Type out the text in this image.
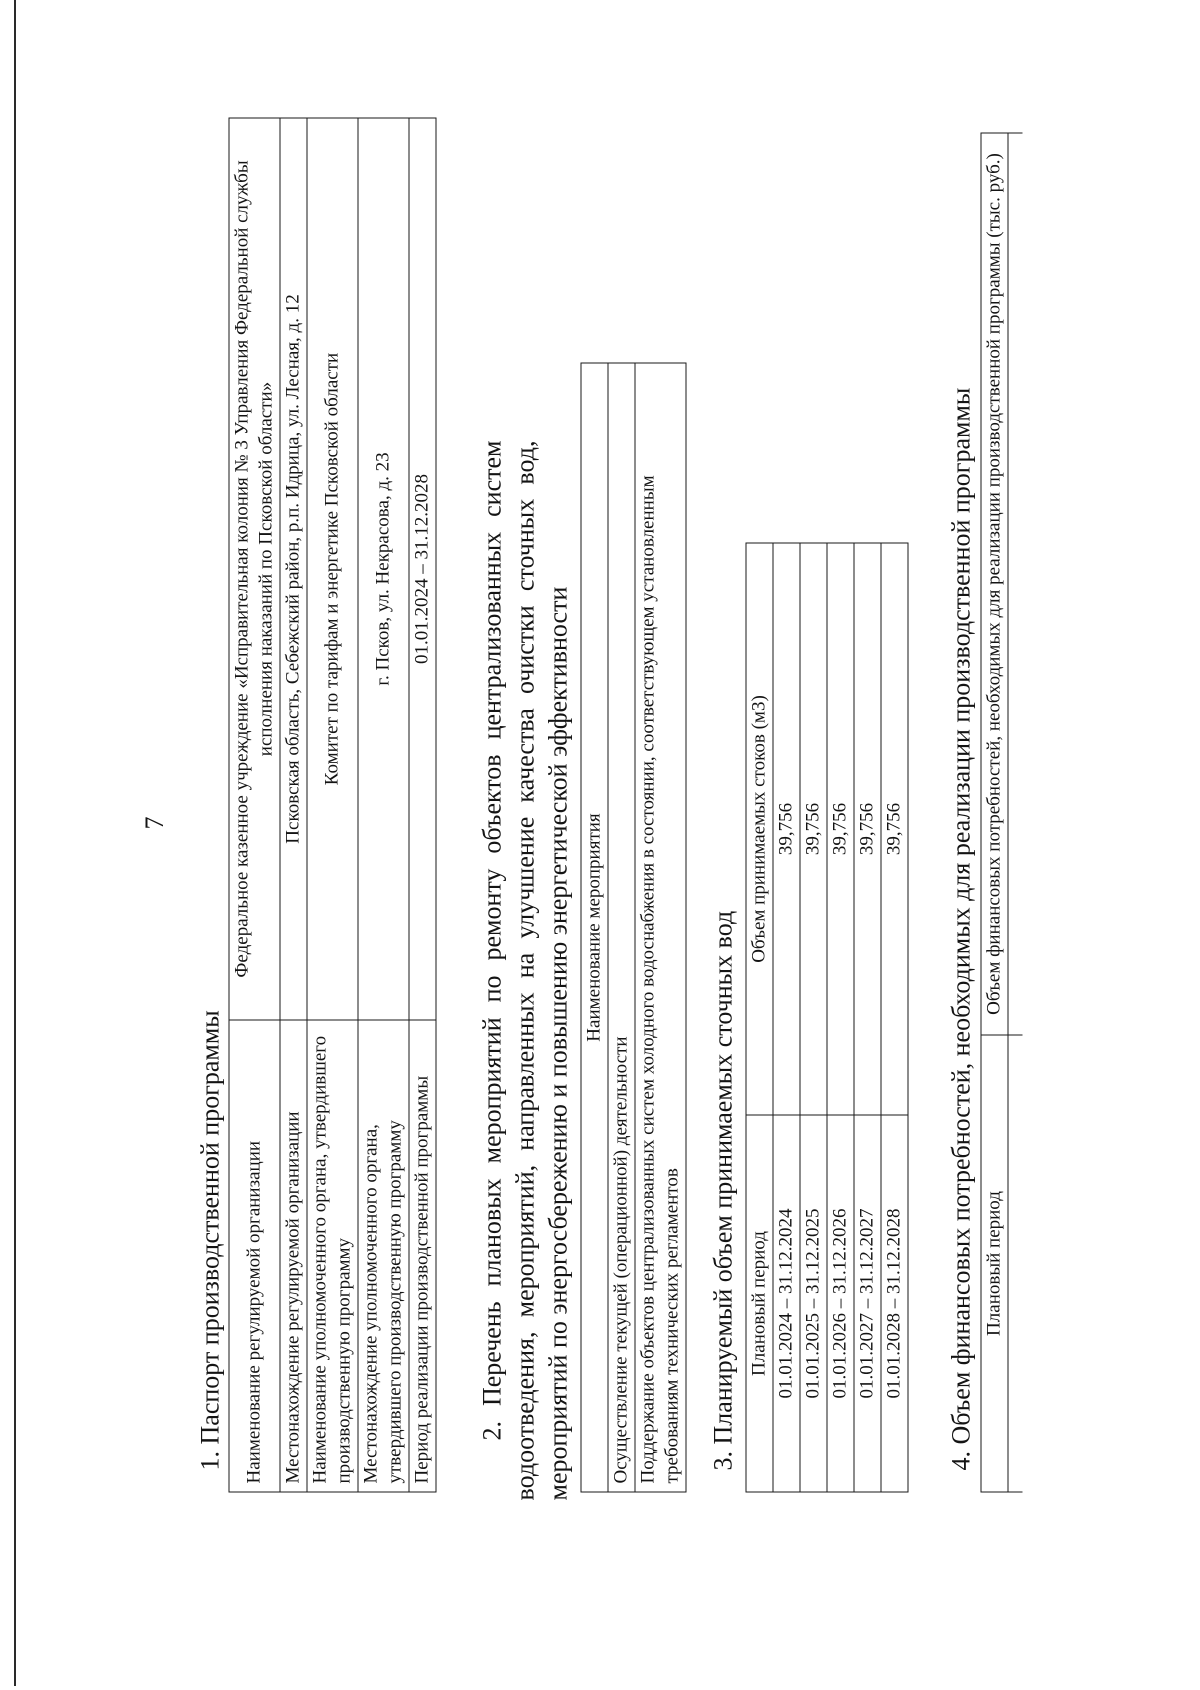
7
1. Паспорт производственной программы Наименование регулируемой организации	Федеральное казенное учреждение «Исправительная колония № 3 Управления Федеральной службы исполнения наказаний по Псковской области»
Местонахождение регулируемой организации	Псковская область, Себежский район, р.п. Идрица, ул. Лесная, д. 12
Наименование уполномоченного органа, утвердившего производственную программу	Комитет по тарифам и энергетике Псковской области
Местонахождение уполномоченного органа, утвердившего производственную программу	г. Псков, ул. Некрасова, д. 23
Период реализации производственной программы	01.01.2024 – 31.12.2028 2. Перечень плановых мероприятий по ремонту объектов централизованных систем водоотведения, мероприятий, направленных на улучшение качества очистки сточных вод, мероприятий по энергосбережению и повышению энергетической эффективности Наименование мероприятия
Осуществление текущей (операционной) деятельности
Поддержание объектов централизованных систем холодного водоснабжения в состоянии, соответствующем установленным требованиям технических регламентов 3. Планируемый объем принимаемых сточных вод Плановый период	Объем принимаемых стоков (м3)
01.01.2024 – 31.12.2024	39,756
01.01.2025 – 31.12.2025	39,756
01.01.2026 – 31.12.2026	39,756
01.01.2027 – 31.12.2027	39,756
01.01.2028 – 31.12.2028	39,756 4. Объем финансовых потребностей, необходимых для реализации производственной программы Плановый период	Объем финансовых потребностей, необходимых для реализации производственной программы (тыс. руб.)
